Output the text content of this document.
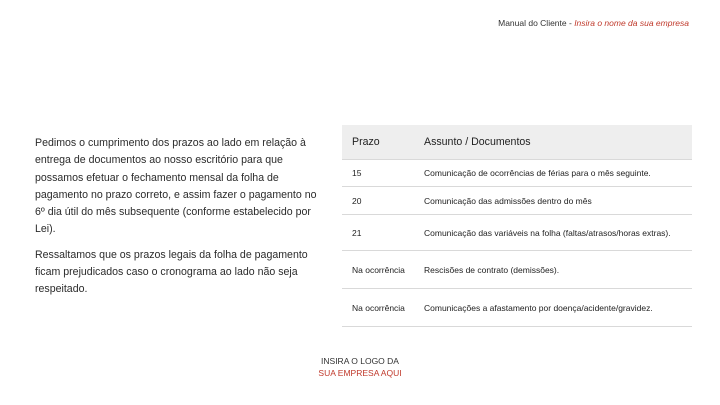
Manual do Cliente - Insira o nome da sua empresa

Pedimos o cumprimento dos prazos ao lado em relação à entrega de documentos ao nosso escritório para que possamos efetuar o fechamento mensal da folha de pagamento no prazo correto, e assim fazer o pagamento no 6º dia útil do mês subsequente (conforme estabelecido por Lei).

Ressaltamos que os prazos legais da folha de pagamento ficam prejudicados caso o cronograma ao lado não seja respeitado.

Prazo	Assunto / Documentos
15	Comunicação de ocorrências de férias para o mês seguinte.
20	Comunicação das admissões dentro do mês
21	Comunicação das variáveis na folha (faltas/atrasos/horas extras).
Na ocorrência	Rescisões de contrato (demissões).
Na ocorrência	Comunicações a afastamento por doença/acidente/gravidez.
INSIRA O LOGO DA
SUA EMPRESA AQUI
